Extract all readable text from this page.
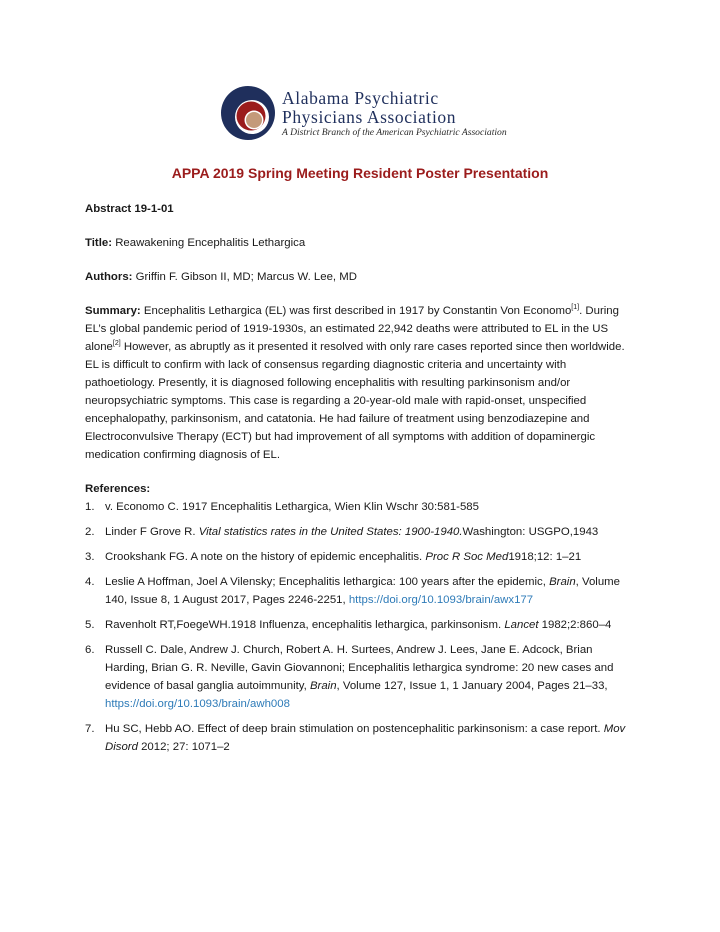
Alabama Psychiatric
Physicians Association
A District Branch of the American Psychiatric Association
APPA 2019 Spring Meeting Resident Poster Presentation

Abstract 19-1-01

Title: Reawakening Encephalitis Lethargica

Authors: Griffin F. Gibson II, MD; Marcus W. Lee, MD

Summary: Encephalitis Lethargica (EL) was first described in 1917 by Constantin Von Economo[1]. During EL’s global pandemic period of 1919-1930s, an estimated 22,942 deaths were attributed to EL in the US alone[2] However, as abruptly as it presented it resolved with only rare cases reported since then worldwide. EL is difficult to confirm with lack of consensus regarding diagnostic criteria and uncertainty with pathoetiology. Presently, it is diagnosed following encephalitis with resulting parkinsonism and/or neuropsychiatric symptoms. This case is regarding a 20-year-old male with rapid-onset, unspecified encephalopathy, parkinsonism, and catatonia. He had failure of treatment using benzodiazepine and Electroconvulsive Therapy (ECT) but had improvement of all symptoms with addition of dopaminergic medication confirming diagnosis of EL.

References:

1. v. Economo C. 1917 Encephalitis Lethargica, Wien Klin Wschr 30:581-585
2. Linder F Grove R. Vital statistics rates in the United States: 1900-1940.Washington: USGPO,1943
3. Crookshank FG. A note on the history of epidemic encephalitis. Proc R Soc Med1918;12: 1–21
4. Leslie A Hoffman, Joel A Vilensky; Encephalitis lethargica: 100 years after the epidemic, Brain, Volume 140, Issue 8, 1 August 2017, Pages 2246-2251, https://doi.org/10.1093/brain/awx177
5. Ravenholt RT,FoegeWH.1918 Influenza, encephalitis lethargica, parkinsonism. Lancet 1982;2:860–4
6. Russell C. Dale, Andrew J. Church, Robert A. H. Surtees, Andrew J. Lees, Jane E. Adcock, Brian Harding, Brian G. R. Neville, Gavin Giovannoni; Encephalitis lethargica syndrome: 20 new cases and evidence of basal ganglia autoimmunity, Brain, Volume 127, Issue 1, 1 January 2004, Pages 21–33, https://doi.org/10.1093/brain/awh008
7. Hu SC, Hebb AO. Effect of deep brain stimulation on postencephalitic parkinsonism: a case report. Mov Disord 2012; 27: 1071–2
